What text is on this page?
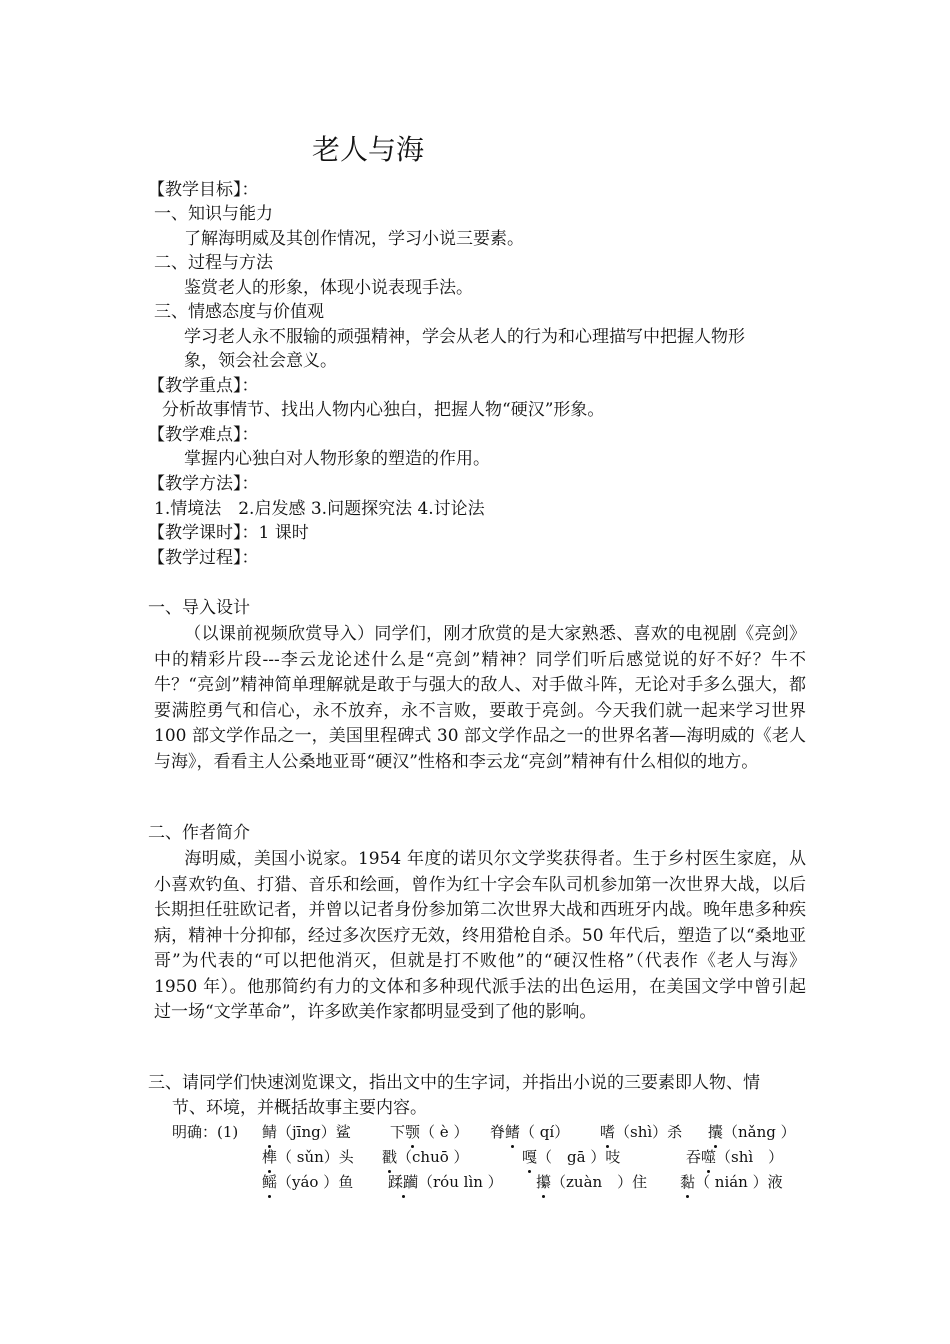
老人与海
【教学目标】：
一、知识与能力
了解海明威及其创作情况，学习小说三要素。
二、过程与方法
鉴赏老人的形象，体现小说表现手法。
三、情感态度与价值观
学习老人永不服输的顽强精神，学会从老人的行为和心理描写中把握人物形
象，领会社会意义。
【教学重点】：
分析故事情节、找出人物内心独白，把握人物“硬汉”形象。
【教学难点】：
掌握内心独白对人物形象的塑造的作用。
【教学方法】：
1.情境法　2.启发感 3.问题探究法 4.讨论法
【教学课时】：1 课时
【教学过程】：
一、导入设计
（以课前视频欣赏导入）同学们，刚才欣赏的是大家熟悉、喜欢的电视剧《亮剑》中的精彩片段---李云龙论述什么是“亮剑”精神？同学们听后感觉说的好不好？牛不牛？“亮剑”精神简单理解就是敢于与强大的敌人、对手做斗阵，无论对手多么强大，都要满腔勇气和信心，永不放弃，永不言败，要敢于亮剑。今天我们就一起来学习世界 100 部文学作品之一，美国里程碑式 30 部文学作品之一的世界名著—海明威的《老人与海》，看看主人公桑地亚哥“硬汉”性格和李云龙“亮剑”精神有什么相似的地方。
二、作者简介
海明威，美国小说家。1954 年度的诺贝尔文学奖获得者。生于乡村医生家庭，从小喜欢钓鱼、打猎、音乐和绘画，曾作为红十字会车队司机参加第一次世界大战，以后长期担任驻欧记者，并曾以记者身份参加第二次世界大战和西班牙内战。晚年患多种疾病，精神十分抑郁，经过多次医疗无效，终用猎枪自杀。50 年代后，塑造了以“桑地亚哥”为代表的“可以把他消灭，但就是打不败他”的“硬汉性格”（代表作《老人与海》1950 年）。他那简约有力的文体和多种现代派手法的出色运用，在美国文学中曾引起过一场“文学革命”，许多欧美作家都明显受到了他的影响。
三、请同学们快速浏览课文，指出文中的生字词，并指出小说的三要素即人物、情
节、环境，并概括故事主要内容。
明确：(1) 鲭（jīng）鲨	下颚（ è ） 脊鳍（ qí） 嗜（shì）杀 攮（nǎng ）
榫（ sǔn）头 戳（chuō ）	嘎（　gā ）吱	吞噬（shì　）
鳐（yáo ）鱼 蹂躏（róu lìn ） 攥（zuàn　）住 黏（ nián ）液
